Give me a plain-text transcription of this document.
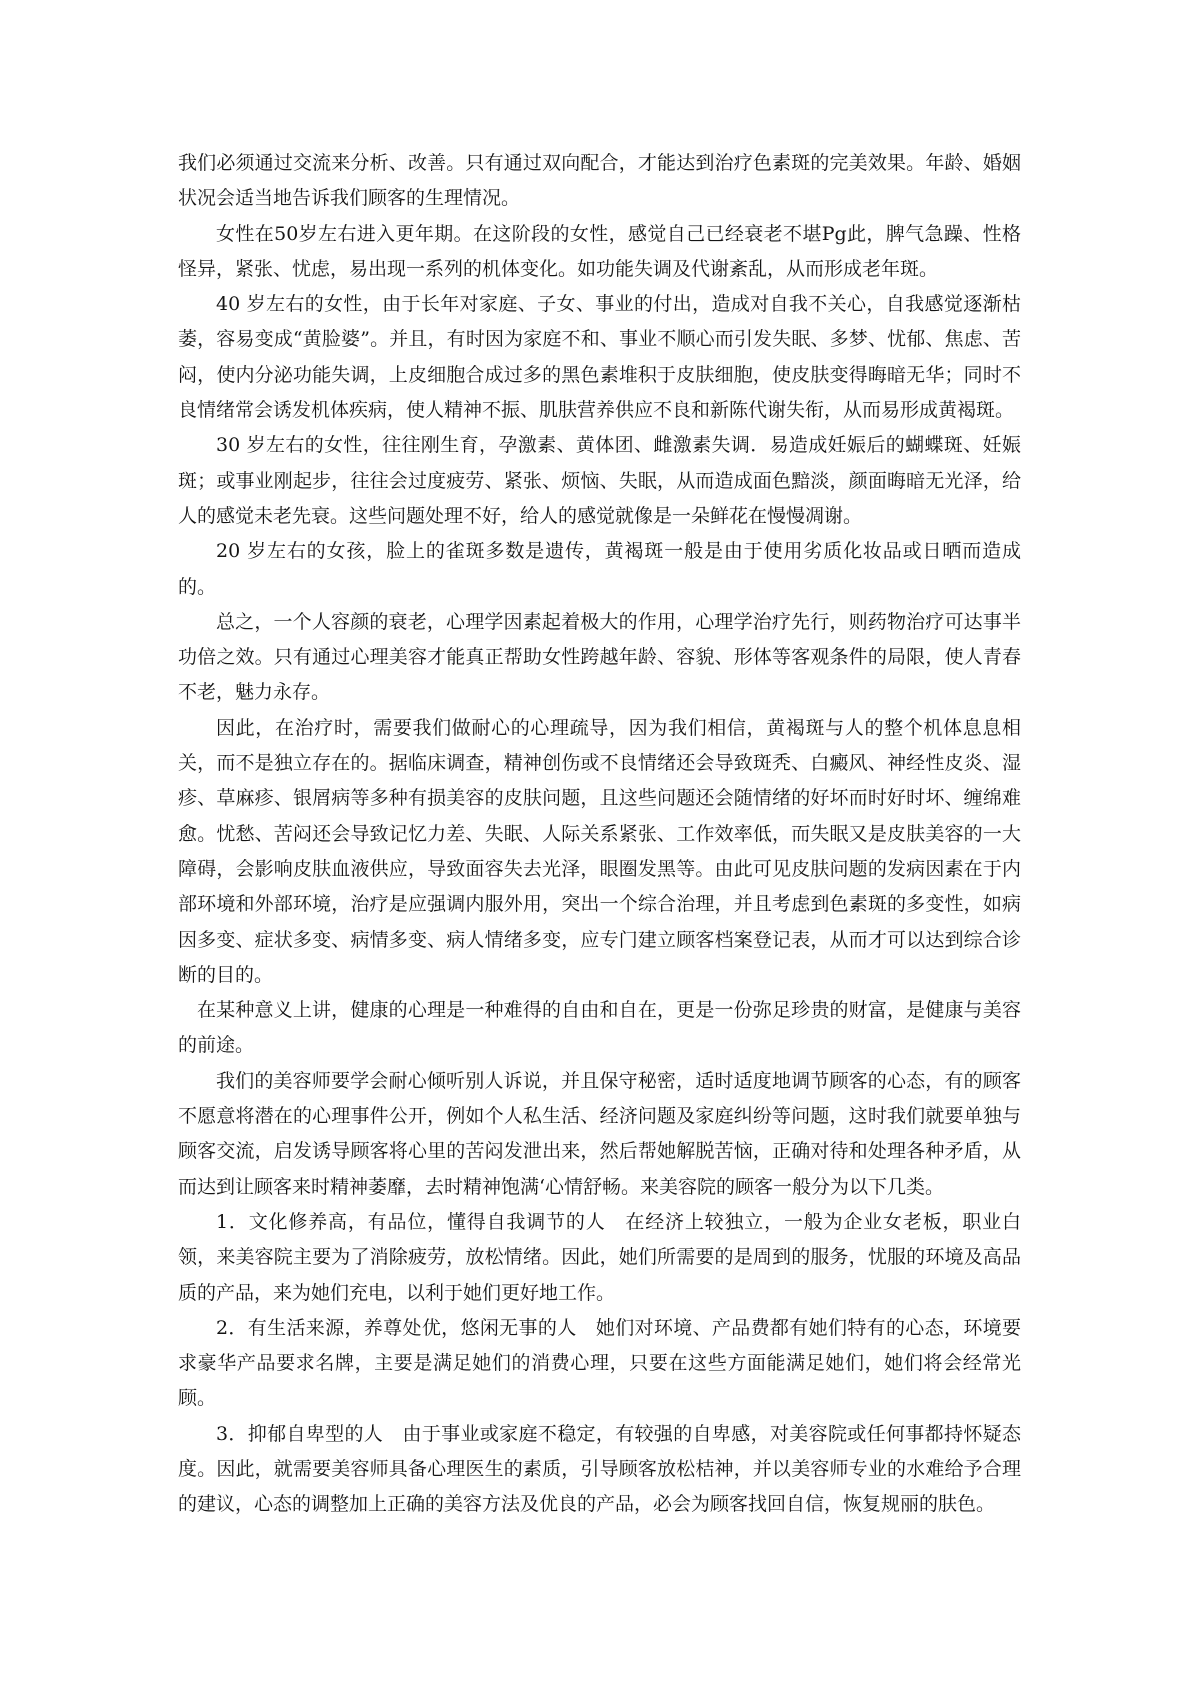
我们必须通过交流来分析、改善。只有通过双向配合，才能达到治疗色素斑的完美效果。年龄、婚姻状况会适当地告诉我们顾客的生理情况。

女性在50岁左右进入更年期。在这阶段的女性，感觉自己已经衰老不堪Pg此，脾气急躁、性格怪异，紧张、忧虑，易出现一系列的机体变化。如功能失调及代谢紊乱，从而形成老年斑。

40 岁左右的女性，由于长年对家庭、子女、事业的付出，造成对自我不关心，自我感觉逐渐枯萎，容易变成“黄脸婆”。并且，有时因为家庭不和、事业不顺心而引发失眠、多梦、忧郁、焦虑、苦闷，使内分泌功能失调，上皮细胞合成过多的黑色素堆积于皮肤细胞，使皮肤变得晦暗无华；同时不良情绪常会诱发机体疾病，使人精神不振、肌肤营养供应不良和新陈代谢失衔，从而易形成黄褐斑。

30 岁左右的女性，往往刚生育，孕激素、黄体团、雌激素失调．易造成妊娠后的蝴蝶斑、妊娠斑；或事业刚起步，往往会过度疲劳、紧张、烦恼、失眠，从而造成面色黯淡，颜面晦暗无光泽，给人的感觉未老先衰。这些问题处理不好，给人的感觉就像是一朵鲜花在慢慢凋谢。

20 岁左右的女孩，脸上的雀斑多数是遗传，黄褐斑一般是由于使用劣质化妆品或日晒而造成的。

总之，一个人容颜的衰老，心理学因素起着极大的作用，心理学治疗先行，则药物治疗可达事半功倍之效。只有通过心理美容才能真正帮助女性跨越年龄、容貌、形体等客观条件的局限，使人青春不老，魅力永存。

因此，在治疗时，需要我们做耐心的心理疏导，因为我们相信，黄褐斑与人的整个机体息息相关，而不是独立存在的。据临床调查，精神创伤或不良情绪还会导致斑秃、白癜风、神经性皮炎、湿疹、草麻疹、银屑病等多种有损美容的皮肤问题，且这些问题还会随情绪的好坏而时好时坏、缠绵难愈。忧愁、苦闷还会导致记忆力差、失眠、人际关系紧张、工作效率低，而失眠又是皮肤美容的一大障碍，会影响皮肤血液供应，导致面容失去光泽，眼圈发黑等。由此可见皮肤问题的发病因素在于内部环境和外部环境，治疗是应强调内服外用，突出一个综合治理，并且考虑到色素斑的多变性，如病因多变、症状多变、病情多变、病人情绪多变，应专门建立顾客档案登记表，从而才可以达到综合诊断的目的。

在某种意义上讲，健康的心理是一种难得的自由和自在，更是一份弥足珍贵的财富，是健康与美容的前途。

我们的美容师要学会耐心倾听别人诉说，并且保守秘密，适时适度地调节顾客的心态，有的顾客不愿意将潜在的心理事件公开，例如个人私生活、经济问题及家庭纠纷等问题，这时我们就要单独与顾客交流，启发诱导顾客将心里的苦闷发泄出来，然后帮她解脱苦恼，正确对待和处理各种矛盾，从而达到让顾客来时精神萎靡，去时精神饱满‘心情舒畅。来美容院的顾客一般分为以下几类。

1．文化修养高，有品位，懂得自我调节的人　在经济上较独立，一般为企业女老板，职业白领，来美容院主要为了消除疲劳，放松情绪。因此，她们所需要的是周到的服务，忧服的环境及高品质的产品，来为她们充电，以利于她们更好地工作。

2．有生活来源，养尊处优，悠闲无事的人　她们对环境、产品费都有她们特有的心态，环境要求豪华产品要求名牌，主要是满足她们的消费心理，只要在这些方面能满足她们，她们将会经常光顾。

3．抑郁自卑型的人　由于事业或家庭不稳定，有较强的自卑感，对美容院或任何事都持怀疑态度。因此，就需要美容师具备心理医生的素质，引导顾客放松桔神，并以美容师专业的水难给予合理的建议，心态的调整加上正确的美容方法及优良的产品，必会为顾客找回自信，恢复规丽的肤色。
